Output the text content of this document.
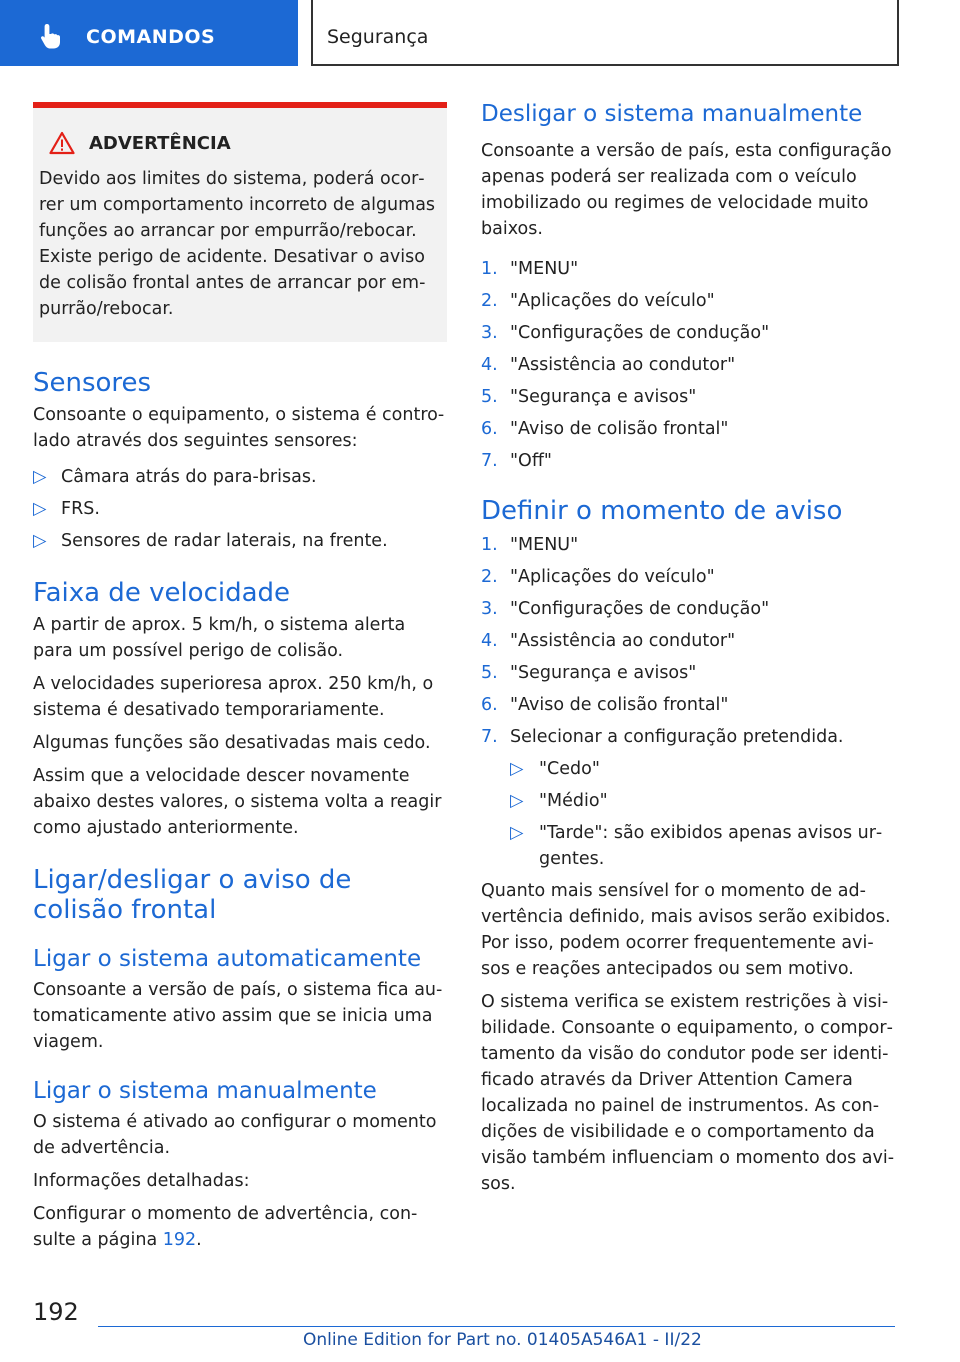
COMANDOS	Segurança
ADVERTÊNCIA
Devido aos limites do sistema, poderá ocorrer um comportamento incorreto de algumas funções ao arrancar por empurrão/rebocar. Existe perigo de acidente. Desativar o aviso de colisão frontal antes de arrancar por empurrão/rebocar.
Sensores

Consoante o equipamento, o sistema é controlado através dos seguintes sensores:

▷ Câmara atrás do para-brisas.
▷ FRS.
▷ Sensores de radar laterais, na frente.
Faixa de velocidade

A partir de aprox. 5 km/h, o sistema alerta para um possível perigo de colisão.

A velocidades superioresa aprox. 250 km/h, o sistema é desativado temporariamente.

Algumas funções são desativadas mais cedo.

Assim que a velocidade descer novamente abaixo destes valores, o sistema volta a reagir como ajustado anteriormente.

Ligar/desligar o aviso de colisão frontal
Ligar o sistema automaticamente

Consoante a versão de país, o sistema fica automaticamente ativo assim que se inicia uma viagem.

Ligar o sistema manualmente

O sistema é ativado ao configurar o momento de advertência.

Informações detalhadas:

Configurar o momento de advertência, consulte a página 192.

Desligar o sistema manualmente

Consoante a versão de país, esta configuração apenas poderá ser realizada com o veículo imobilizado ou regimes de velocidade muito baixos.

1. "MENU"
2. "Aplicações do veículo"
3. "Configurações de condução"
4. "Assistência ao condutor"
5. "Segurança e avisos"
6. "Aviso de colisão frontal"
7. "Off"
Definir o momento de aviso
1. "MENU"
2. "Aplicações do veículo"
3. "Configurações de condução"
4. "Assistência ao condutor"
5. "Segurança e avisos"
6. "Aviso de colisão frontal"
7. Selecionar a configuração pretendida.
▷ "Cedo"
▷ "Médio"
▷ "Tarde": são exibidos apenas avisos urgentes.

Quanto mais sensível for o momento de advertência definido, mais avisos serão exibidos. Por isso, podem ocorrer frequentemente avisos e reações antecipados ou sem motivo.

O sistema verifica se existem restrições à visibilidade. Consoante o equipamento, o comportamento da visão do condutor pode ser identificado através da Driver Attention Camera localizada no painel de instrumentos. As condições de visibilidade e o comportamento da visão também influenciam o momento dos avisos.

192
Online Edition for Part no. 01405A546A1 - II/22
